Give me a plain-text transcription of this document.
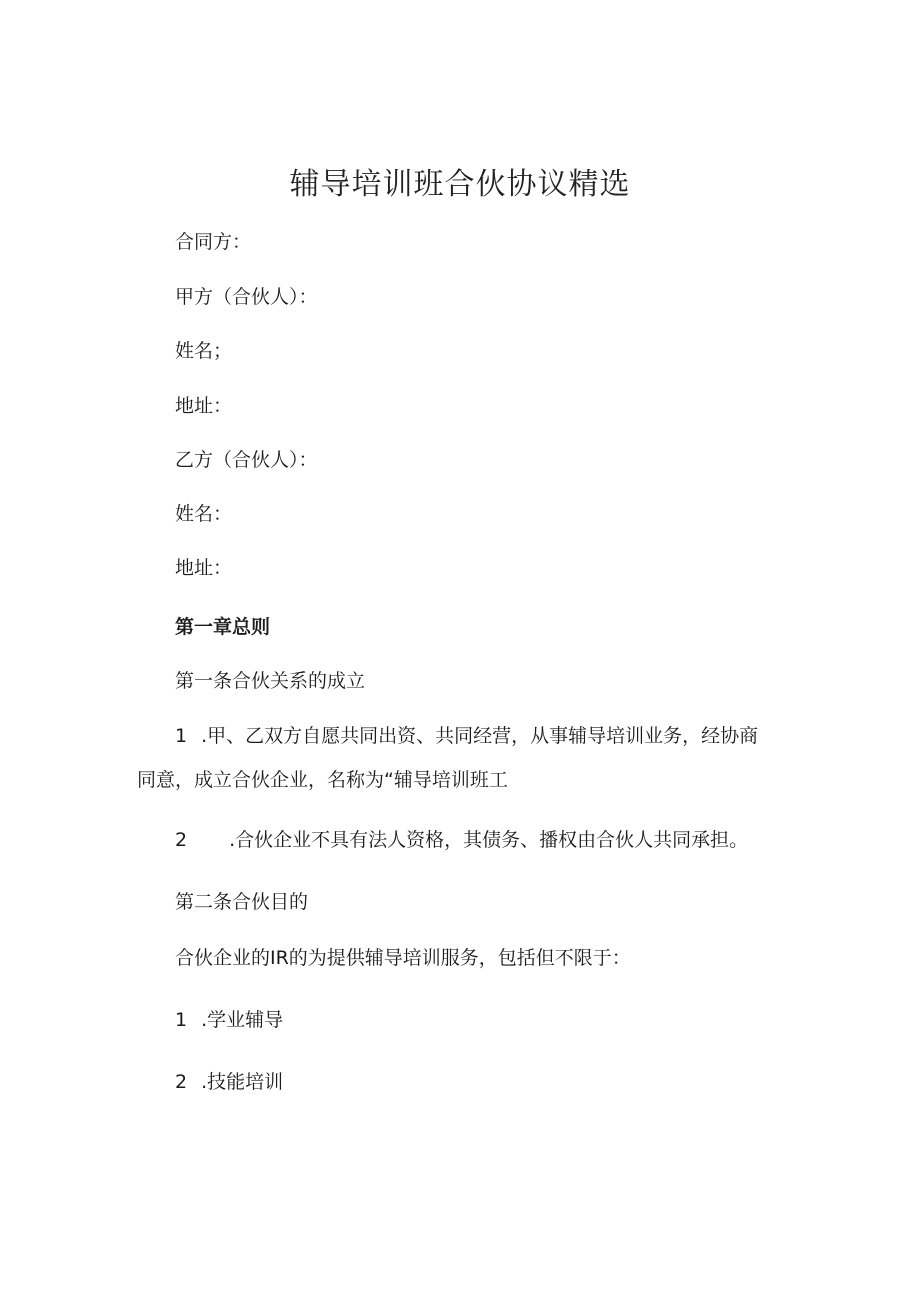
辅导培训班合伙协议精选
合同方：
甲方（合伙人）：
姓名；
地址：
乙方（合伙人）：
姓名：
地址：
第一章总则
第一条合伙关系的成立
1 .甲、乙双方自愿共同出资、共同经营，从事辅导培训业务，经协商
同意，成立合伙企业，名称为“辅导培训班工
2 .合伙企业不具有法人资格，其债务、播权由合伙人共同承担。
第二条合伙目的
合伙企业的IR的为提供辅导培训服务，包括但不限于：
1 .学业辅导
2 .技能培训
